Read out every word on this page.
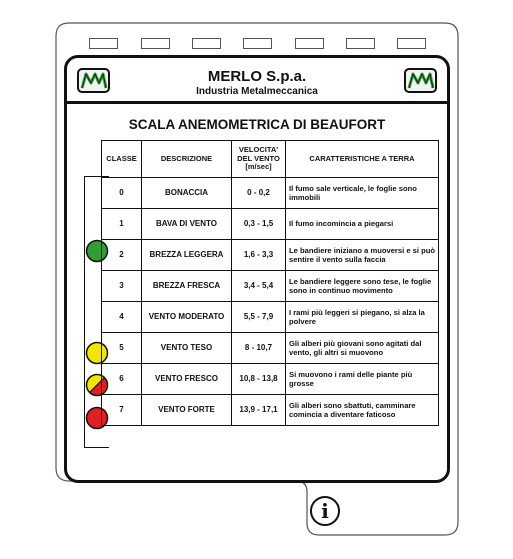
MERLO S.p.a.
Industria Metalmeccanica
SCALA ANEMOMETRICA DI BEAUFORT
CLASSE	DESCRIZIONE	VELOCITA' DEL VENTO [m/sec]	CARATTERISTICHE A TERRA
0	BONACCIA	0 - 0,2	Il fumo sale verticale, le foglie sono immobili
1	BAVA DI VENTO	0,3 - 1,5	Il fumo incomincia a piegarsi
2	BREZZA LEGGERA	1,6 - 3,3	Le bandiere iniziano a muoversi e si può sentire il vento sulla faccia
3	BREZZA FRESCA	3,4 - 5,4	Le bandiere leggere sono tese, le foglie sono in continuo movimento
4	VENTO MODERATO	5,5 - 7,9	I rami più leggeri si piegano, si alza la polvere
5	VENTO TESO	8 - 10,7	Gli alberi più giovani sono agitati dal vento, gli altri si muovono
6	VENTO FRESCO	10,8 - 13,8	Si muovono i rami delle piante più grosse
7	VENTO FORTE	13,9 - 17,1	Gli alberi sono sbattuti, camminare comincia a diventare faticoso
i
